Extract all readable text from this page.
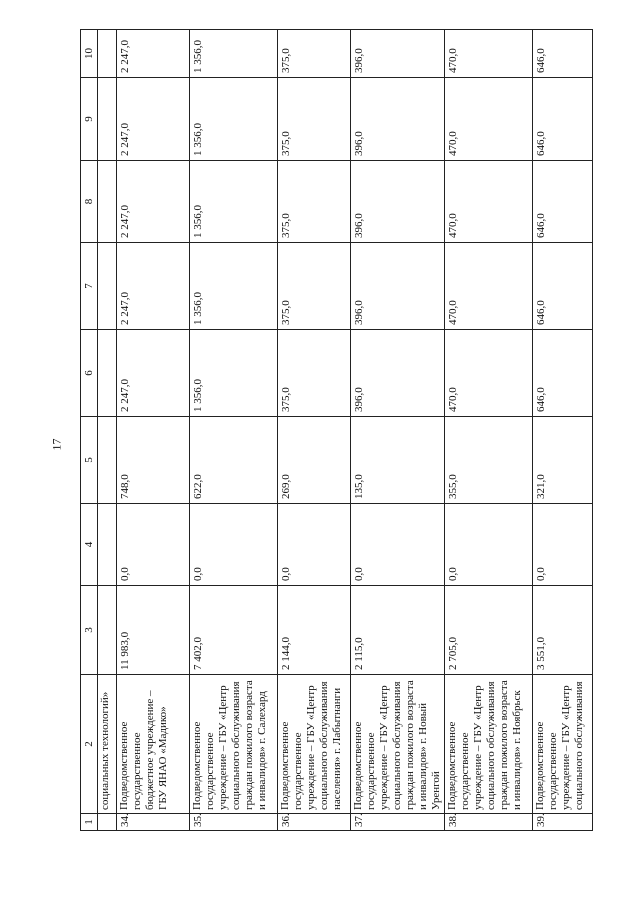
17
1	2	3	4	5	6	7	8	9	10
	социальных технологий»								
34.	Подведомственное государственное бюджетное учреждение – ГБУ ЯНАО «Мадико»	11 983,0	0,0	748,0	2 247,0	2 247,0	2 247,0	2 247,0	2 247,0
35.	Подведомственное государственное учреждение – ГБУ «Центр социального обслуживания граждан пожилого возраста и инвалидов» г. Салехард	7 402,0	0,0	622,0	1 356,0	1 356,0	1 356,0	1 356,0	1 356,0
36.	Подведомственное государственное учреждение – ГБУ «Центр социального обслуживания населения» г. Лабытнанги	2 144,0	0,0	269,0	375,0	375,0	375,0	375,0	375,0
37.	Подведомственное государственное учреждение – ГБУ «Центр социального обслуживания граждан пожилого возраста и инвалидов» г. Новый Уренгой	2 115,0	0,0	135,0	396,0	396,0	396,0	396,0	396,0
38.	Подведомственное государственное учреждение – ГБУ «Центр социального обслуживания граждан пожилого возраста и инвалидов» г. Ноябрьск	2 705,0	0,0	355,0	470,0	470,0	470,0	470,0	470,0
39.	Подведомственное государственное учреждение – ГБУ «Центр социального обслуживания	3 551,0	0,0	321,0	646,0	646,0	646,0	646,0	646,0
